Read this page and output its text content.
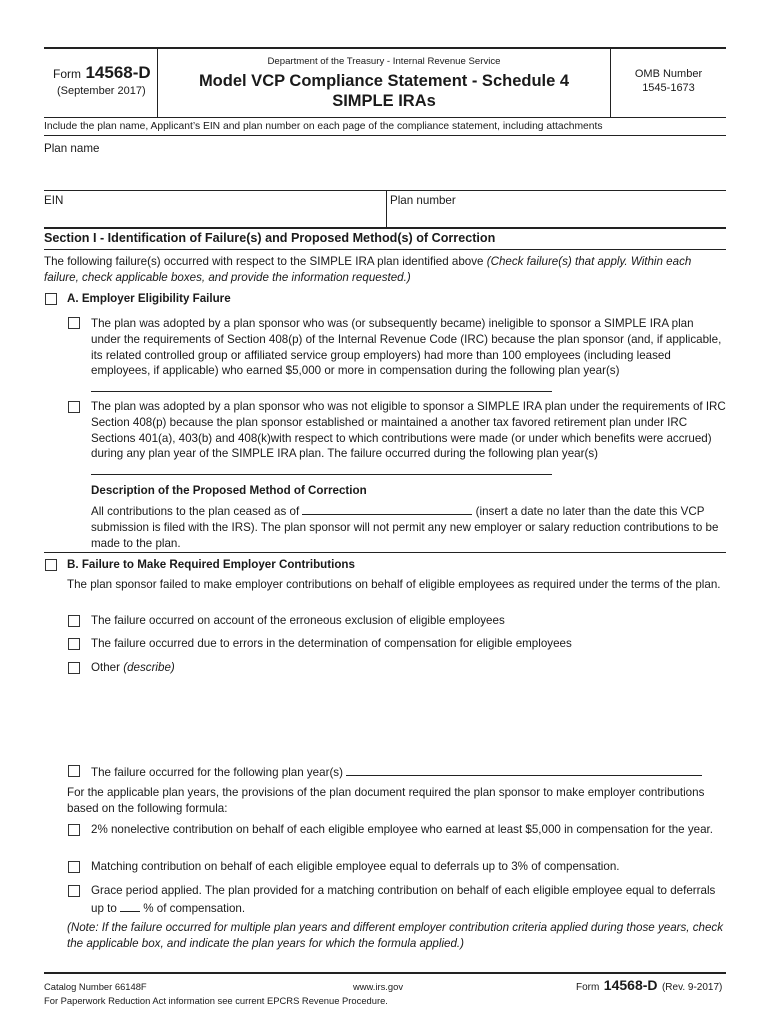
Form 14568-D
(September 2017)
Department of the Treasury - Internal Revenue Service
Model VCP Compliance Statement - Schedule 4
SIMPLE IRAs
OMB Number
1545-1673
Include the plan name, Applicant’s EIN and plan number on each page of the compliance statement, including attachments
Plan name
EIN	Plan number
Section I - Identification of Failure(s) and Proposed Method(s) of Correction
The following failure(s) occurred with respect to the SIMPLE IRA plan identified above (Check failure(s) that apply. Within each failure, check applicable boxes, and provide the information requested.)
A. Employer Eligibility Failure
The plan was adopted by a plan sponsor who was (or subsequently became) ineligible to sponsor a SIMPLE IRA plan under the requirements of Section 408(p) of the Internal Revenue Code (IRC) because the plan sponsor (and, if applicable, its related controlled group or affiliated service group employers) had more than 100 employees (including leased employees, if applicable) who earned $5,000 or more in compensation during the following plan year(s)
The plan was adopted by a plan sponsor who was not eligible to sponsor a SIMPLE IRA plan under the requirements of IRC Section 408(p) because the plan sponsor established or maintained a another tax favored retirement plan under IRC Sections 401(a), 403(b) and 408(k)with respect to which contributions were made (or under which benefits were accrued) during any plan year of the SIMPLE IRA plan. The failure occurred during the following plan year(s)
Description of the Proposed Method of Correction
All contributions to the plan ceased as of	(insert a date no later than the date this VCP submission is filed with the IRS). The plan sponsor will not permit any new employer or salary reduction contributions to be made to the plan.
B. Failure to Make Required Employer Contributions
The plan sponsor failed to make employer contributions on behalf of eligible employees as required under the terms of the plan.
The failure occurred on account of the erroneous exclusion of eligible employees
The failure occurred due to errors in the determination of compensation for eligible employees
Other (describe)
The failure occurred for the following plan year(s)
For the applicable plan years, the provisions of the plan document required the plan sponsor to make employer contributions based on the following formula:
2% nonelective contribution on behalf of each eligible employee who earned at least $5,000 in compensation for the year.
Matching contribution on behalf of each eligible employee equal to deferrals up to 3% of compensation.
Grace period applied. The plan provided for a matching contribution on behalf of each eligible employee equal to deferrals up to % of compensation.
(Note: If the failure occurred for multiple plan years and different employer contribution criteria applied during those years, check the applicable box, and indicate the plan years for which the formula applied.)
Catalog Number 66148F	www.irs.gov	Form 14568-D (Rev. 9-2017)
For Paperwork Reduction Act information see current EPCRS Revenue Procedure.
